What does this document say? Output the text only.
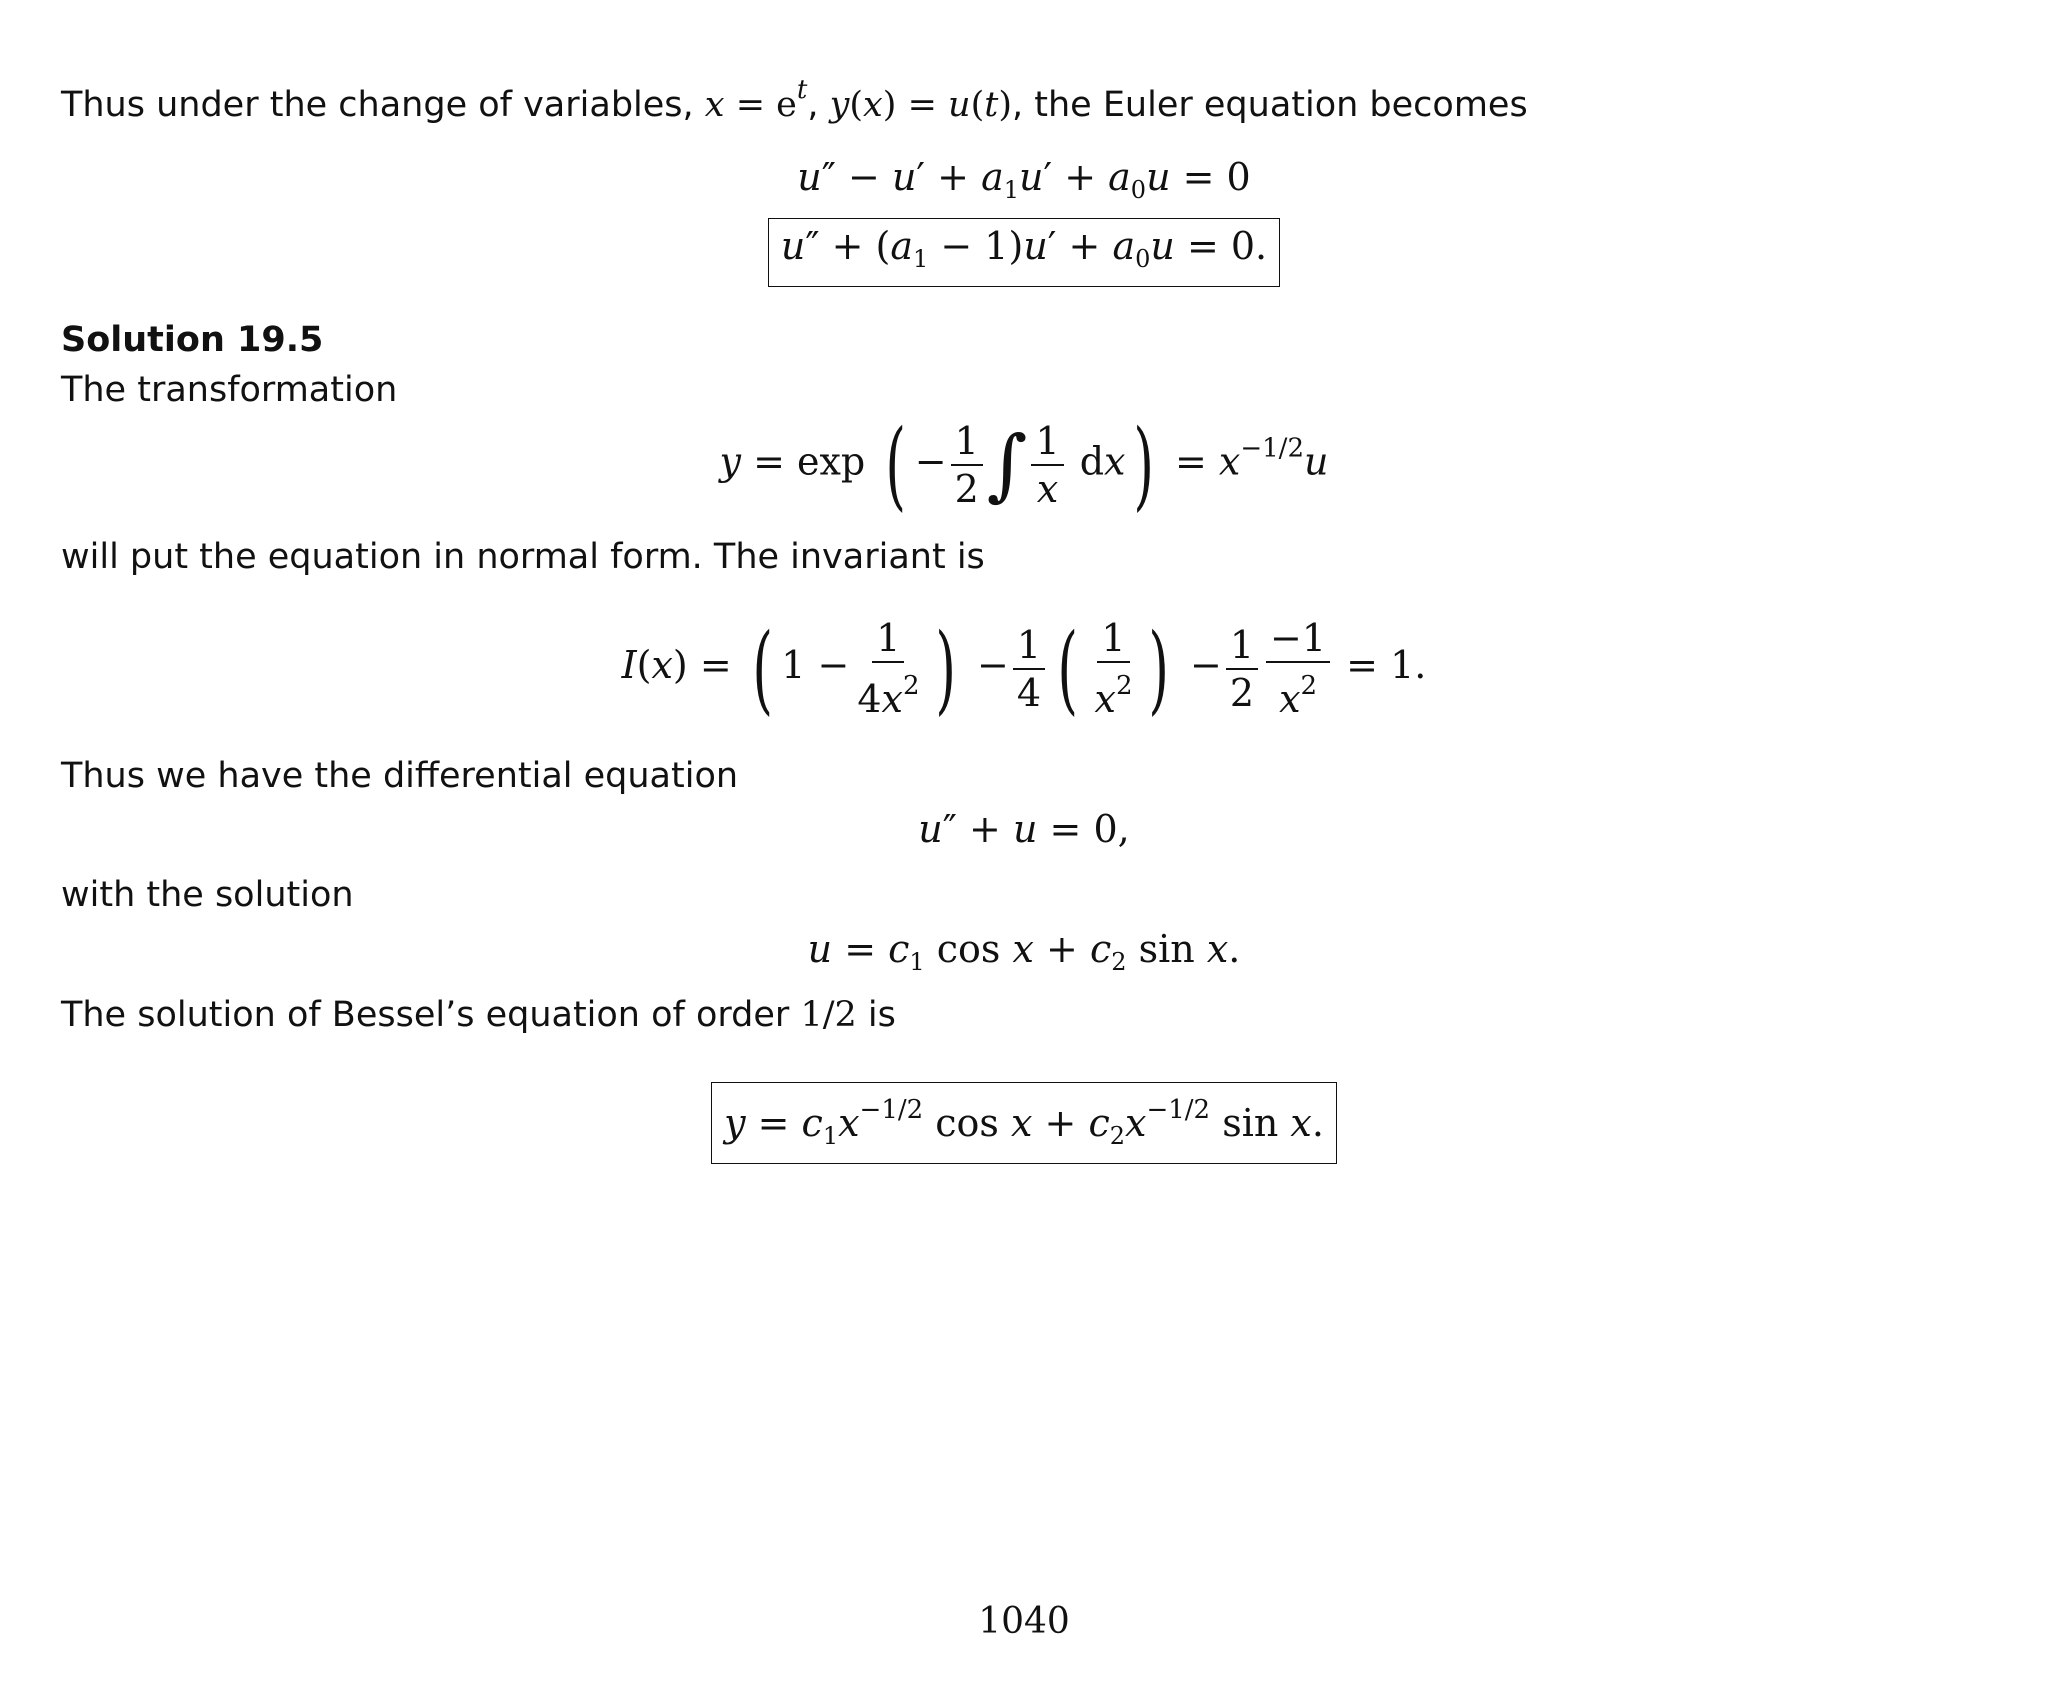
Thus under the change of variables, $x = e^t$, y(x) = u(t), the Euler equation becomes
$u'' - u' + a_1u' + a_0u = 0$
$u'' + (a_1 - 1)u' + a_0u = 0$.
Solution 19.5
The transformation
y = exp ( − $\frac{1}{2}$ ∫ $\frac{1}{x} dx) = x^{-1/2}u$
will put the equation in normal form. The invariant is
I(x) = ( $1 - \frac{1}{4x^2}$ ) − $\frac{1}{4}$ ( $\frac{1}{x^2}$ ) − $\frac{1}{2} \frac{-1}{x^2} = 1$.
Thus we have the differential equation
u″ + u = 0,
with the solution
$u = c_1$ $\cos x + c_2$ sin x.
The solution of Bessel’s equation of order 1/2 is
$y = c_1x^{-1/2}$ $\cos x + c_2x^{-1/2}$ sin x.
1040
